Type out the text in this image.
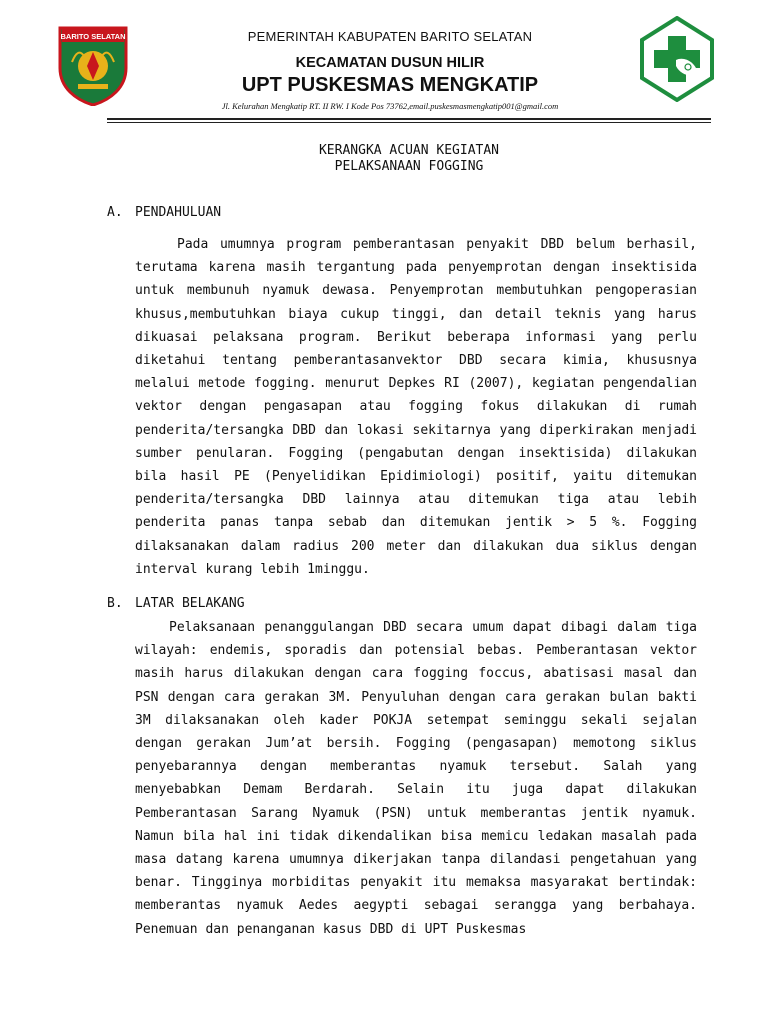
BARITO SELATAN	PEMERINTAH KABUPATEN BARITO SELATAN
KECAMATAN DUSUN HILIR
UPT PUSKESMAS MENGKATIP
Jl. Kelurahan Mengkatip RT. II RW. I Kode Pos 73762,email.puskesmasmengkatip001@gmail.com
KERANGKA ACUAN KEGIATAN
PELAKSANAAN FOGGING
A. PENDAHULUAN

Pada umumnya program pemberantasan penyakit DBD belum berhasil, terutama karena masih tergantung pada penyemprotan dengan insektisida untuk membunuh nyamuk dewasa. Penyemprotan membutuhkan pengoperasian khusus,membutuhkan biaya cukup tinggi, dan detail teknis yang harus dikuasai pelaksana program. Berikut beberapa informasi yang perlu diketahui tentang pemberantasanvektor DBD secara kimia, khususnya melalui metode fogging. menurut Depkes RI (2007), kegiatan pengendalian vektor dengan pengasapan atau fogging fokus dilakukan di rumah penderita/tersangka DBD dan lokasi sekitarnya yang diperkirakan menjadi sumber penularan. Fogging (pengabutan dengan insektisida) dilakukan bila hasil PE (Penyelidikan Epidimiologi) positif, yaitu ditemukan penderita/tersangka DBD lainnya atau ditemukan tiga atau lebih penderita panas tanpa sebab dan ditemukan jentik > 5 %. Fogging dilaksanakan dalam radius 200 meter dan dilakukan dua siklus dengan interval kurang lebih 1minggu.

B. LATAR BELAKANG

Pelaksanaan penanggulangan DBD secara umum dapat dibagi dalam tiga wilayah: endemis, sporadis dan potensial bebas. Pemberantasan vektor masih harus dilakukan dengan cara fogging foccus, abatisasi masal dan PSN dengan cara gerakan 3M. Penyuluhan dengan cara gerakan bulan bakti 3M dilaksanakan oleh kader POKJA setempat seminggu sekali sejalan dengan gerakan Jum’at bersih. Fogging (pengasapan) memotong siklus penyebarannya dengan memberantas nyamuk tersebut. Salah yang menyebabkan Demam Berdarah. Selain itu juga dapat dilakukan Pemberantasan Sarang Nyamuk (PSN) untuk memberantas jentik nyamuk. Namun bila hal ini tidak dikendalikan bisa memicu ledakan masalah pada masa datang karena umumnya dikerjakan tanpa dilandasi pengetahuan yang benar. Tingginya morbiditas penyakit itu memaksa masyarakat bertindak: memberantas nyamuk Aedes aegypti sebagai serangga yang berbahaya. Penemuan dan penanganan kasus DBD di UPT Puskesmas
